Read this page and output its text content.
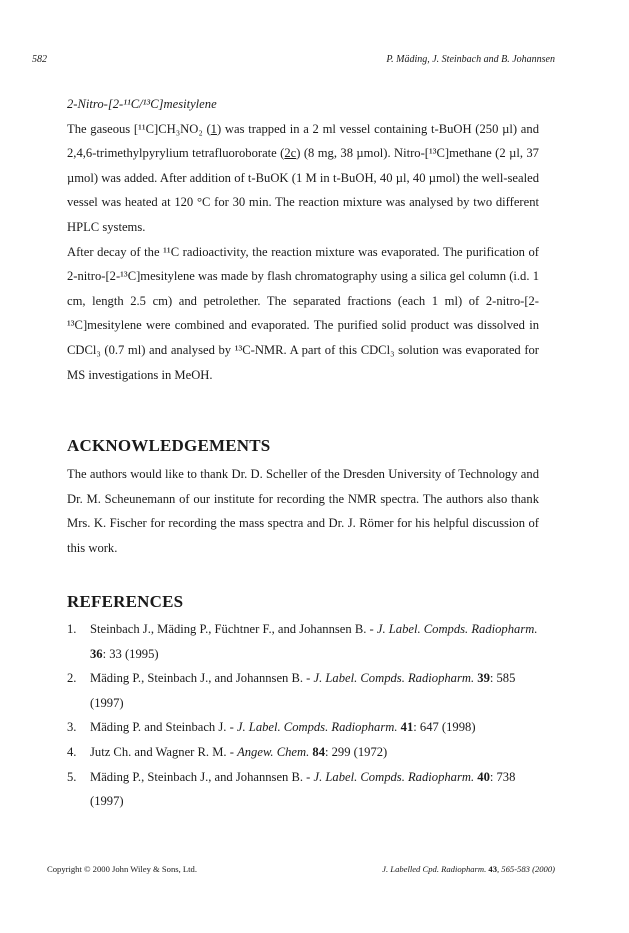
582	P. Mäding, J. Steinbach and B. Johannsen

2-Nitro-[2-¹¹C/¹³C]mesitylene

The gaseous [¹¹C]CH₃NO₂ (1) was trapped in a 2 ml vessel containing t-BuOH (250 µl) and 2,4,6-trimethylpyrylium tetrafluoroborate (2c) (8 mg, 38 µmol). Nitro-[¹³C]methane (2 µl, 37 µmol) was added. After addition of t-BuOK (1 M in t-BuOH, 40 µl, 40 µmol) the well-sealed vessel was heated at 120 °C for 30 min. The reaction mixture was analysed by two different HPLC systems.

After decay of the ¹¹C radioactivity, the reaction mixture was evaporated. The purification of 2-nitro-[2-¹³C]mesitylene was made by flash chromatography using a silica gel column (i.d. 1 cm, length 2.5 cm) and petrolether. The separated fractions (each 1 ml) of 2-nitro-[2-¹³C]mesitylene were combined and evaporated. The purified solid product was dissolved in CDCl₃ (0.7 ml) and analysed by ¹³C-NMR. A part of this CDCl₃ solution was evaporated for MS investigations in MeOH.

ACKNOWLEDGEMENTS

The authors would like to thank Dr. D. Scheller of the Dresden University of Technology and Dr. M. Scheunemann of our institute for recording the NMR spectra. The authors also thank Mrs. K. Fischer for recording the mass spectra and Dr. J. Römer for his helpful discussion of this work.

REFERENCES
1. Steinbach J., Mäding P., Füchtner F., and Johannsen B. - J. Label. Compds. Radiopharm. 36: 33 (1995)
2. Mäding P., Steinbach J., and Johannsen B. - J. Label. Compds. Radiopharm. 39: 585 (1997)
3. Mäding P. and Steinbach J. - J. Label. Compds. Radiopharm. 41: 647 (1998)
4. Jutz Ch. and Wagner R. M. - Angew. Chem. 84: 299 (1972)
5. Mäding P., Steinbach J., and Johannsen B. - J. Label. Compds. Radiopharm. 40: 738 (1997)
Copyright © 2000 John Wiley & Sons, Ltd.	J. Labelled Cpd. Radiopharm. 43, 565-583 (2000)
